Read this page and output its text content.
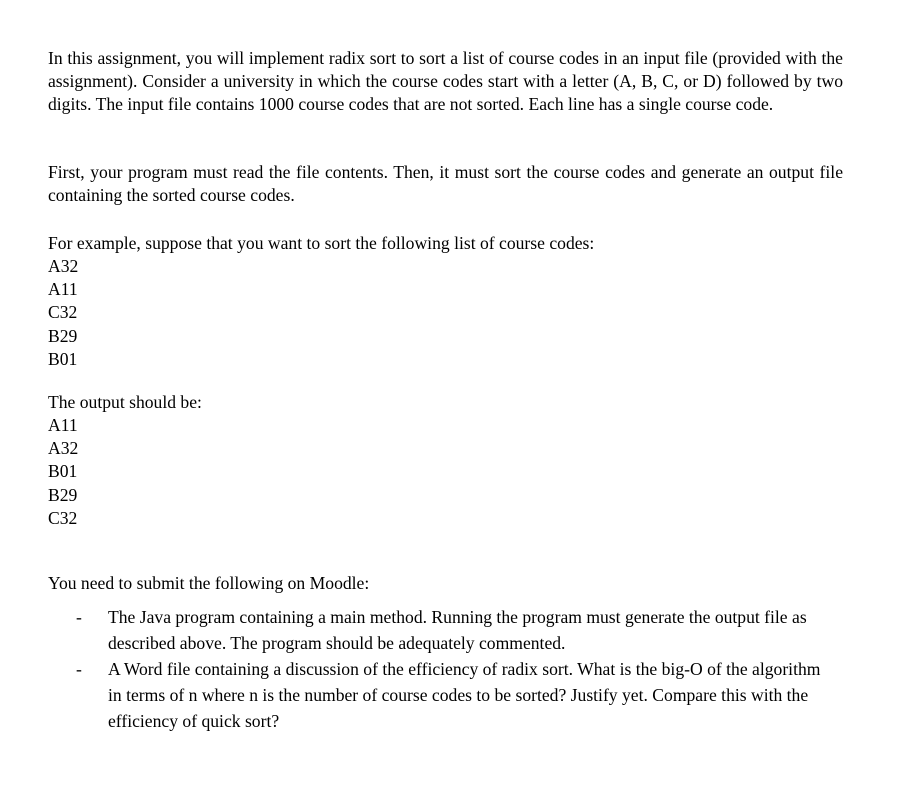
In this assignment, you will implement radix sort to sort a list of course codes in an input file (provided with the assignment). Consider a university in which the course codes start with a letter (A, B, C, or D) followed by two digits. The input file contains 1000 course codes that are not sorted. Each line has a single course code.

First, your program must read the file contents. Then, it must sort the course codes and generate an output file containing the sorted course codes.

For example, suppose that you want to sort the following list of course codes:

A32
A11
C32
B29
B01

The output should be:

A11
A32
B01
B29
C32

You need to submit the following on Moodle:

- The Java program containing a main method. Running the program must generate the output file as described above. The program should be adequately commented.
- A Word file containing a discussion of the efficiency of radix sort. What is the big-O of the algorithm in terms of n where n is the number of course codes to be sorted? Justify yet. Compare this with the efficiency of quick sort?
